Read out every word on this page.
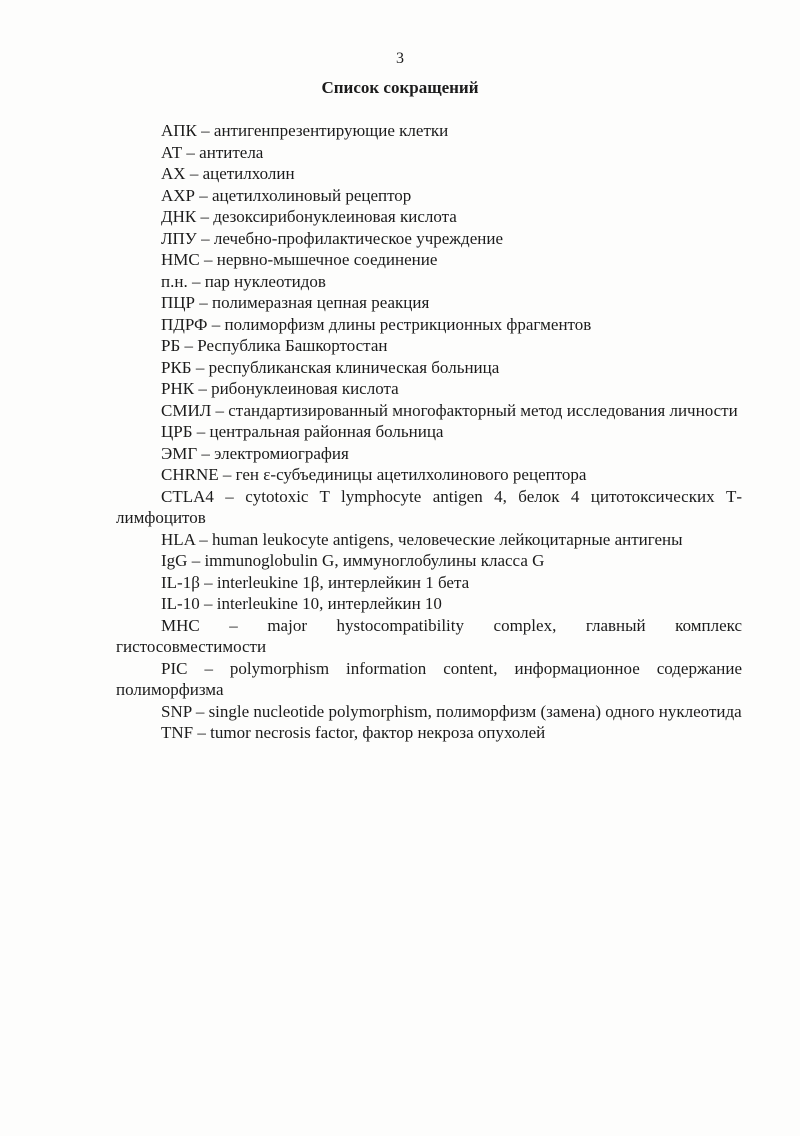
3
Список сокращений

АПК – антигенпрезентирующие клетки

АТ – антитела

АХ – ацетилхолин

АХР – ацетилхолиновый рецептор

ДНК – дезоксирибонуклеиновая кислота

ЛПУ – лечебно-профилактическое учреждение

НМС – нервно-мышечное соединение

п.н. – пар нуклеотидов

ПЦР – полимеразная цепная реакция

ПДРФ – полиморфизм длины рестрикционных фрагментов

РБ – Республика Башкортостан

РКБ – республиканская клиническая больница

РНК – рибонуклеиновая кислота

СМИЛ – стандартизированный многофакторный метод исследования личности

ЦРБ – центральная районная больница

ЭМГ – электромиография

CHRNE – ген ε-субъединицы ацетилхолинового рецептора

CTLA4 – cytotoxic T lymphocyte antigen 4, белок 4 цитотоксических Т-лимфоцитов

HLA – human leukocyte antigens, человеческие лейкоцитарные антигены

IgG – immunoglobulin G, иммуноглобулины класса G

IL-1β – interleukine 1β, интерлейкин 1 бета

IL-10 – interleukine 10, интерлейкин 10

MHC – major hystocompatibility complex, главный комплекс гистосовместимости

PIC – polymorphism information content, информационное содержание полиморфизма

SNP – single nucleotide polymorphism, полиморфизм (замена) одного нуклеотида

TNF – tumor necrosis factor, фактор некроза опухолей
